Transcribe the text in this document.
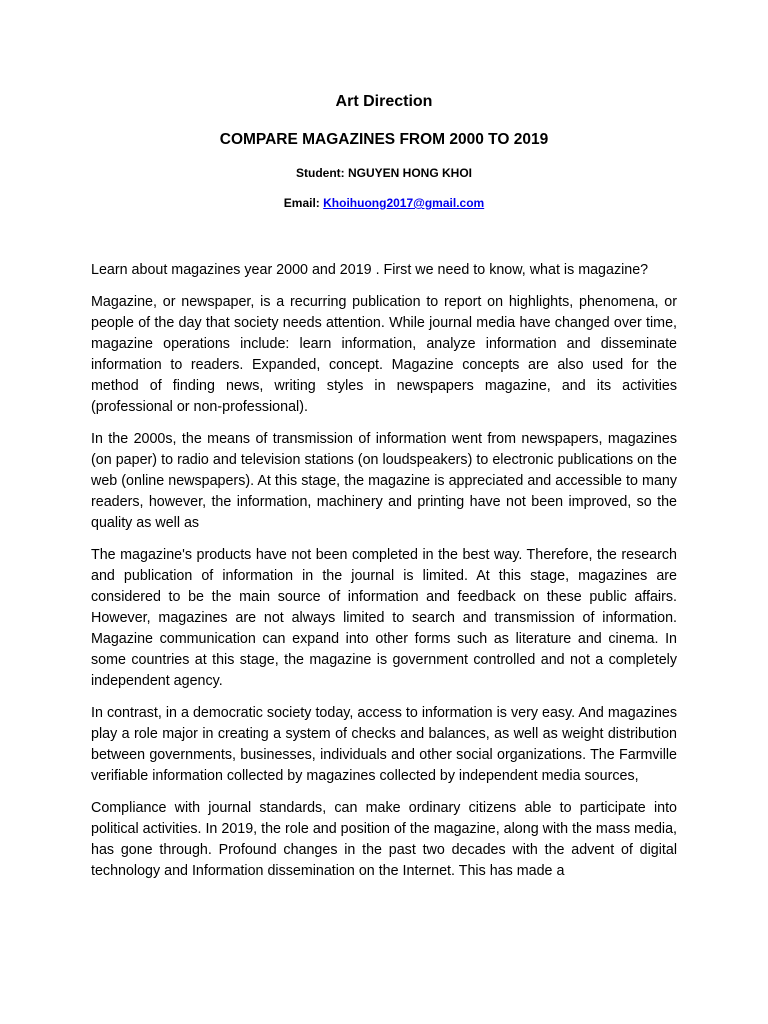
Art Direction
COMPARE MAGAZINES FROM 2000 TO 2019
Student: NGUYEN HONG KHOI
Email: Khoihuong2017@gmail.com

Learn about magazines year 2000 and 2019 . First we need to know, what is magazine?

Magazine, or newspaper, is a recurring publication to report on highlights, phenomena, or people of the day that society needs attention. While journal media have changed over time, magazine operations include: learn information, analyze information and disseminate information to readers. Expanded, concept. Magazine concepts are also used for the method of finding news, writing styles in newspapers magazine, and its activities (professional or non-professional).

In the 2000s, the means of transmission of information went from newspapers, magazines (on paper) to radio and television stations (on loudspeakers) to electronic publications on the web (online newspapers). At this stage, the magazine is appreciated and accessible to many readers, however, the information, machinery and printing have not been improved, so the quality as well as

The magazine's products have not been completed in the best way. Therefore, the research and publication of information in the journal is limited. At this stage, magazines are considered to be the main source of information and feedback on these public affairs. However, magazines are not always limited to search and transmission of information. Magazine communication can expand into other forms such as literature and cinema. In some countries at this stage, the magazine is government controlled and not a completely independent agency.

In contrast, in a democratic society today, access to information is very easy. And magazines play a role major in creating a system of checks and balances, as well as weight distribution between governments, businesses, individuals and other social organizations. The Farmville verifiable information collected by magazines collected by independent media sources,

Compliance with journal standards, can make ordinary citizens able to participate into political activities. In 2019, the role and position of the magazine, along with the mass media, has gone through. Profound changes in the past two decades with the advent of digital technology and Information dissemination on the Internet. This has made a
